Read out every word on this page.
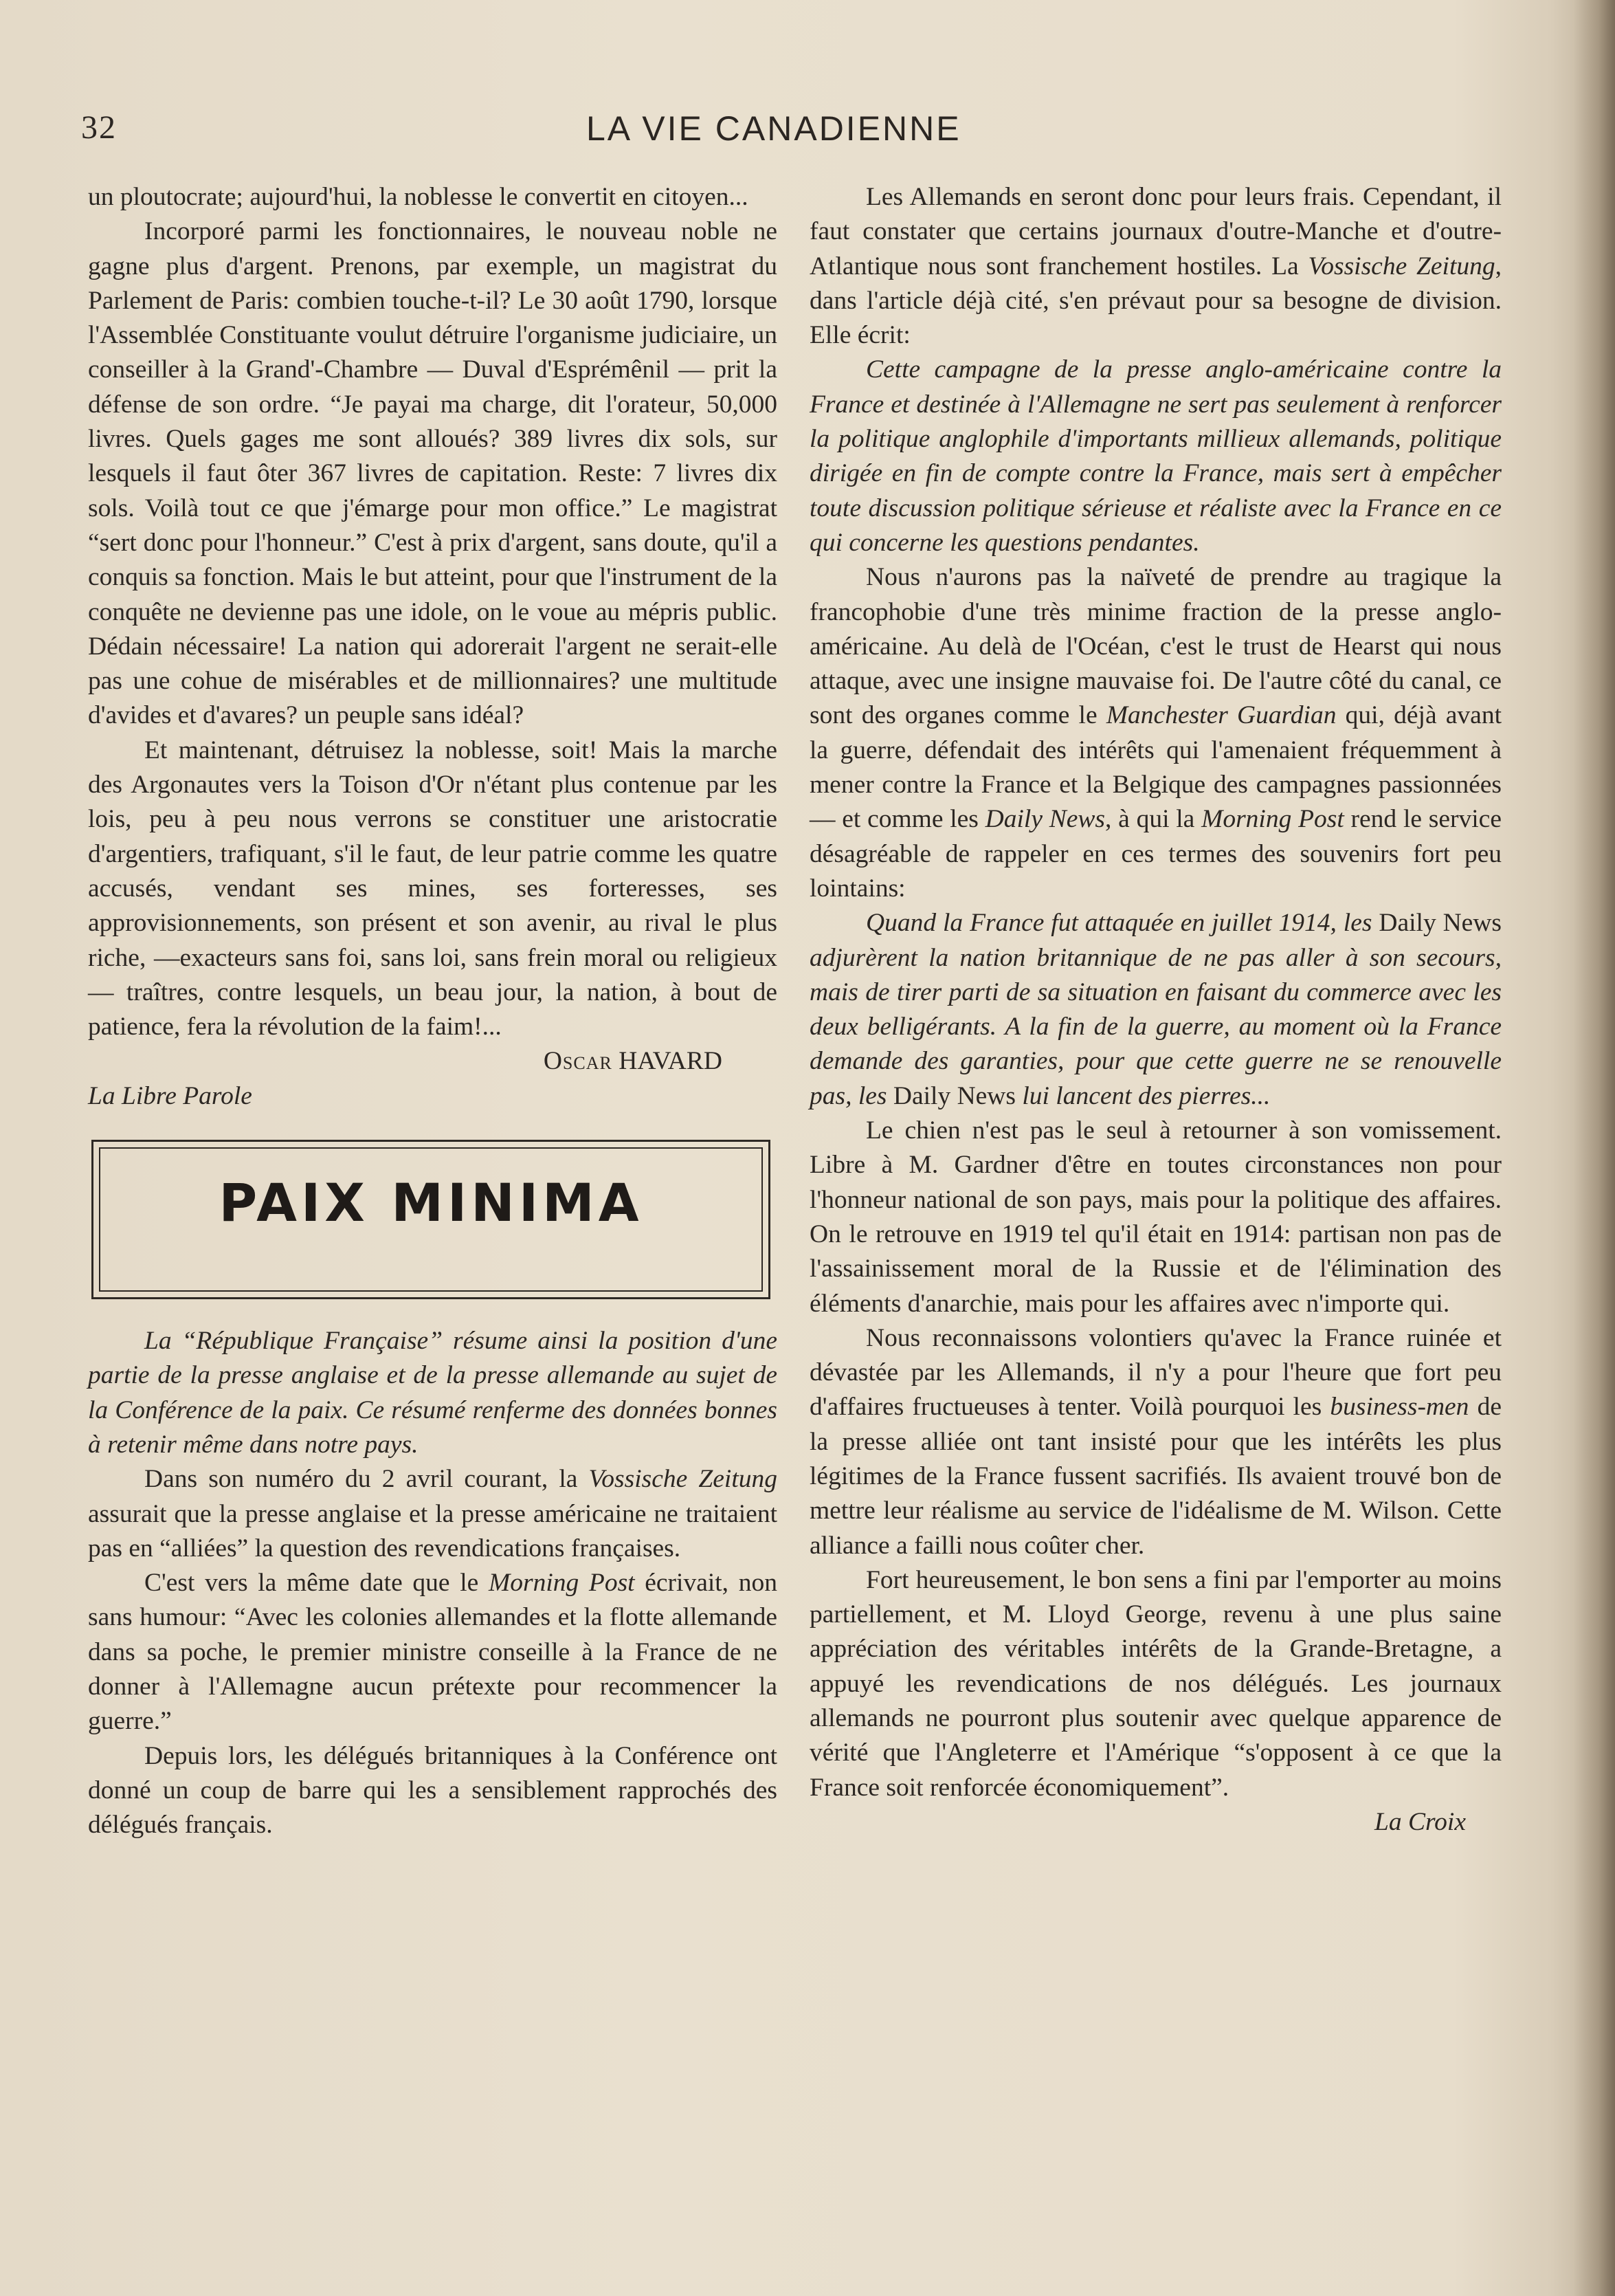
32	LA VIE CANADIENNE

un ploutocrate; aujourd'hui, la noblesse le convertit en citoyen...

Incorporé parmi les fonctionnaires, le nouveau noble ne gagne plus d'argent. Prenons, par exemple, un magistrat du Parlement de Paris: combien touche-t-il? Le 30 août 1790, lorsque l'Assemblée Constituante voulut détruire l'organisme judiciaire, un conseiller à la Grand'-Chambre — Duval d'Esprémênil — prit la défense de son ordre. “Je payai ma charge, dit l'orateur, 50,000 livres. Quels gages me sont alloués? 389 livres dix sols, sur lesquels il faut ôter 367 livres de capitation. Reste: 7 livres dix sols. Voilà tout ce que j'émarge pour mon office.” Le magistrat “sert donc pour l'honneur.” C'est à prix d'argent, sans doute, qu'il a conquis sa fonction. Mais le but atteint, pour que l'instrument de la conquête ne devienne pas une idole, on le voue au mépris public. Dédain nécessaire! La nation qui adorerait l'argent ne serait-elle pas une cohue de misérables et de millionnaires? une multitude d'avides et d'avares? un peuple sans idéal?

Et maintenant, détruisez la noblesse, soit! Mais la marche des Argonautes vers la Toison d'Or n'étant plus contenue par les lois, peu à peu nous verrons se constituer une aristocratie d'argentiers, trafiquant, s'il le faut, de leur patrie comme les quatre accusés, vendant ses mines, ses forteresses, ses approvisionnements, son présent et son avenir, au rival le plus riche, —exacteurs sans foi, sans loi, sans frein moral ou religieux — traîtres, contre lesquels, un beau jour, la nation, à bout de patience, fera la révolution de la faim!...

Oscar HAVARD

La Libre Parole

PAIX MINIMA

La “République Française” résume ainsi la position d'une partie de la presse anglaise et de la presse allemande au sujet de la Conférence de la paix. Ce résumé renferme des données bonnes à retenir même dans notre pays.

Dans son numéro du 2 avril courant, la Vossische Zeitung assurait que la presse anglaise et la presse américaine ne traitaient pas en “alliées” la question des revendications françaises.

C'est vers la même date que le Morning Post écrivait, non sans humour: “Avec les colonies allemandes et la flotte allemande dans sa poche, le premier ministre conseille à la France de ne donner à l'Allemagne aucun prétexte pour recommencer la guerre.”

Depuis lors, les délégués britanniques à la Conférence ont donné un coup de barre qui les a sensiblement rapprochés des délégués français.

Les Allemands en seront donc pour leurs frais. Cependant, il faut constater que certains journaux d'outre-Manche et d'outre-Atlantique nous sont franchement hostiles. La Vossische Zeitung, dans l'article déjà cité, s'en prévaut pour sa besogne de division. Elle écrit:

Cette campagne de la presse anglo-américaine contre la France et destinée à l'Allemagne ne sert pas seulement à renforcer la politique anglophile d'importants millieux allemands, politique dirigée en fin de compte contre la France, mais sert à empêcher toute discussion politique sérieuse et réaliste avec la France en ce qui concerne les questions pendantes.

Nous n'aurons pas la naïveté de prendre au tragique la francophobie d'une très minime fraction de la presse anglo-américaine. Au delà de l'Océan, c'est le trust de Hearst qui nous attaque, avec une insigne mauvaise foi. De l'autre côté du canal, ce sont des organes comme le Manchester Guardian qui, déjà avant la guerre, défendait des intérêts qui l'amenaient fréquemment à mener contre la France et la Belgique des campagnes passionnées — et comme les Daily News, à qui la Morning Post rend le service désagréable de rappeler en ces termes des souvenirs fort peu lointains:

Quand la France fut attaquée en juillet 1914, les Daily News adjurèrent la nation britannique de ne pas aller à son secours, mais de tirer parti de sa situation en faisant du commerce avec les deux belligérants. A la fin de la guerre, au moment où la France demande des garanties, pour que cette guerre ne se renouvelle pas, les Daily News lui lancent des pierres...

Le chien n'est pas le seul à retourner à son vomissement. Libre à M. Gardner d'être en toutes circonstances non pour l'honneur national de son pays, mais pour la politique des affaires. On le retrouve en 1919 tel qu'il était en 1914: partisan non pas de l'assainissement moral de la Russie et de l'élimination des éléments d'anarchie, mais pour les affaires avec n'importe qui.

Nous reconnaissons volontiers qu'avec la France ruinée et dévastée par les Allemands, il n'y a pour l'heure que fort peu d'affaires fructueuses à tenter. Voilà pourquoi les business-men de la presse alliée ont tant insisté pour que les intérêts les plus légitimes de la France fussent sacrifiés. Ils avaient trouvé bon de mettre leur réalisme au service de l'idéalisme de M. Wilson. Cette alliance a failli nous coûter cher.

Fort heureusement, le bon sens a fini par l'emporter au moins partiellement, et M. Lloyd George, revenu à une plus saine appréciation des véritables intérêts de la Grande-Bretagne, a appuyé les revendications de nos délégués. Les journaux allemands ne pourront plus soutenir avec quelque apparence de vérité que l'Angleterre et l'Amérique “s'opposent à ce que la France soit renforcée économiquement”.

La Croix
